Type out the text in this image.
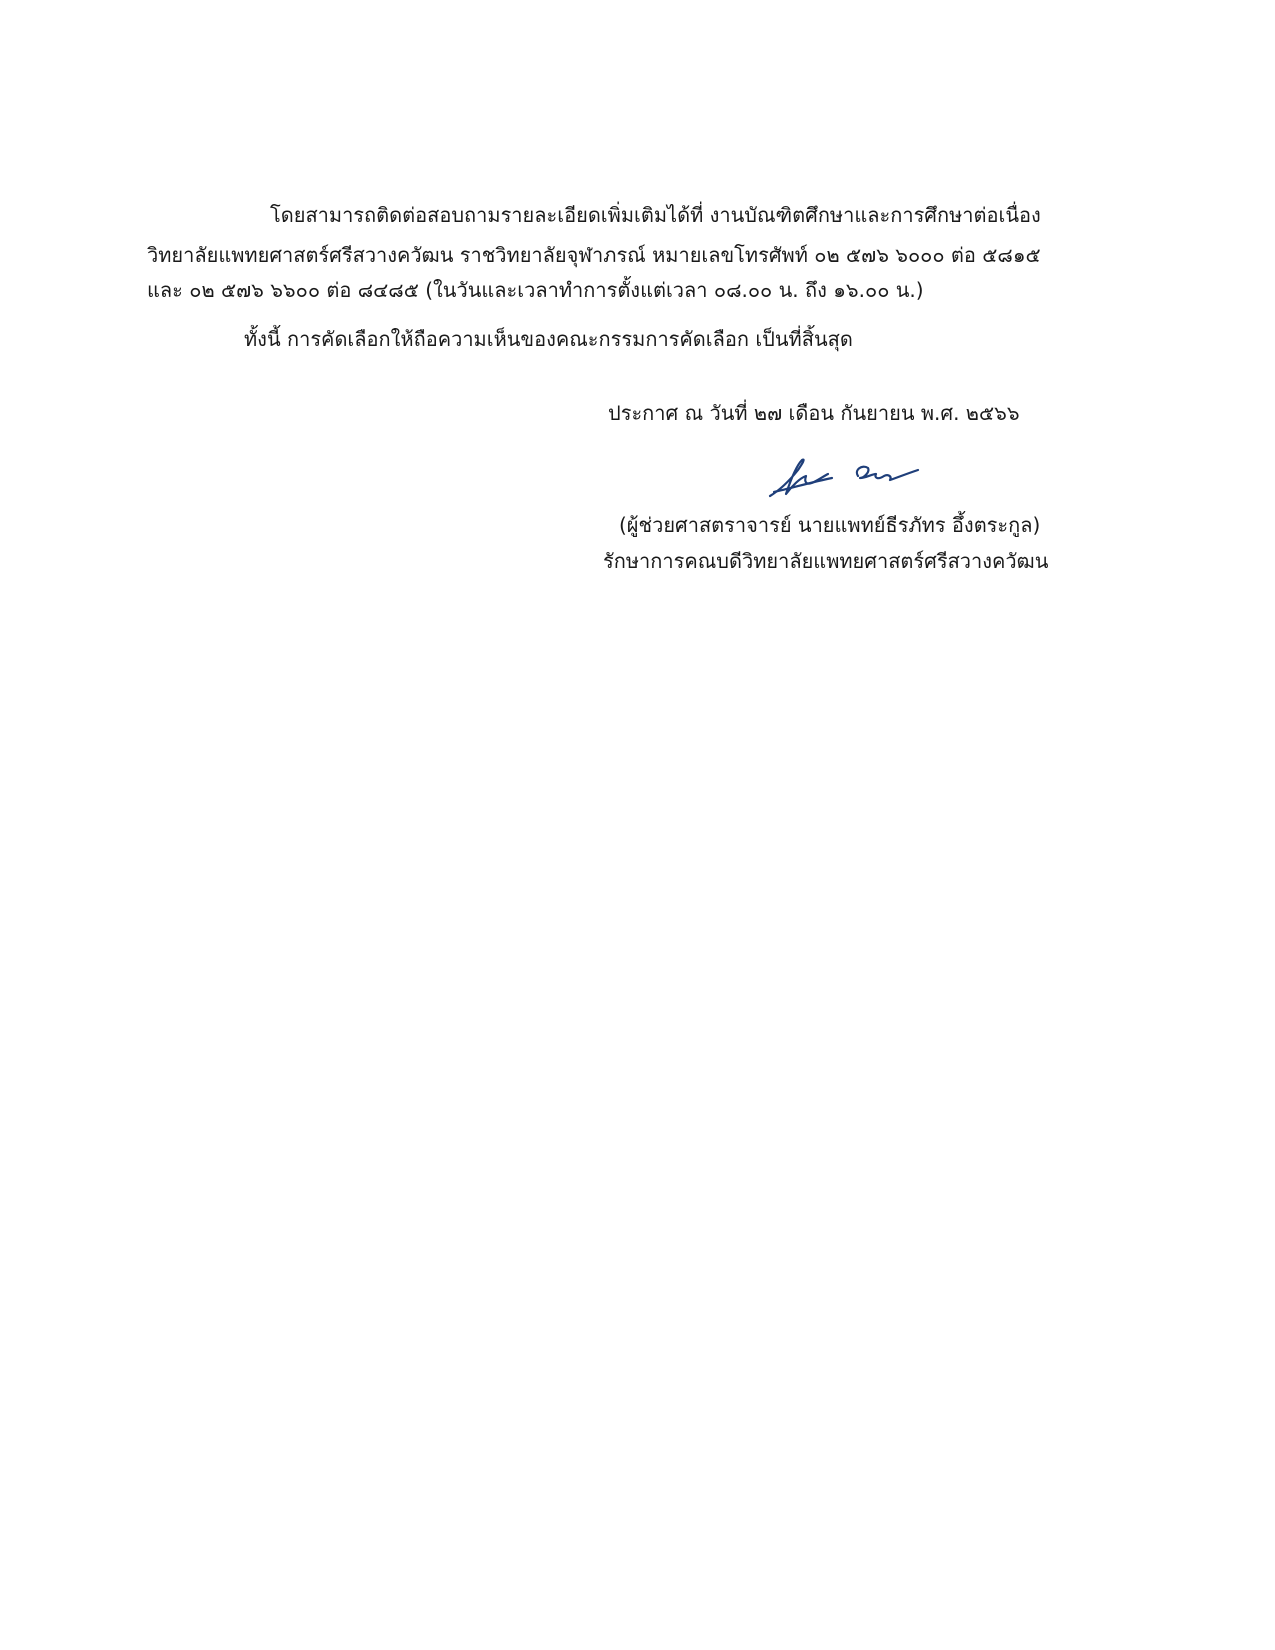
โดยสามารถติดต่อสอบถามรายละเอียดเพิ่มเติมได้ที่ งานบัณฑิตศึกษาและการศึกษาต่อเนื่อง
วิทยาลัยแพทยศาสตร์ศรีสวางควัฒน ราชวิทยาลัยจุฬาภรณ์ หมายเลขโทรศัพท์ ๐๒ ๕๗๖ ๖๐๐๐ ต่อ ๕๘๑๕
และ ๐๒ ๕๗๖ ๖๖๐๐ ต่อ ๘๔๘๕ (ในวันและเวลาทำการตั้งแต่เวลา ๐๘.๐๐ น. ถึง ๑๖.๐๐ น.)
ทั้งนี้ การคัดเลือกให้ถือความเห็นของคณะกรรมการคัดเลือก เป็นที่สิ้นสุด
ประกาศ ณ วันที่ ๒๗ เดือน กันยายน พ.ศ. ๒๕๖๖
(ผู้ช่วยศาสตราจารย์ นายแพทย์ธีรภัทร อึ้งตระกูล)
รักษาการคณบดีวิทยาลัยแพทยศาสตร์ศรีสวางควัฒน
